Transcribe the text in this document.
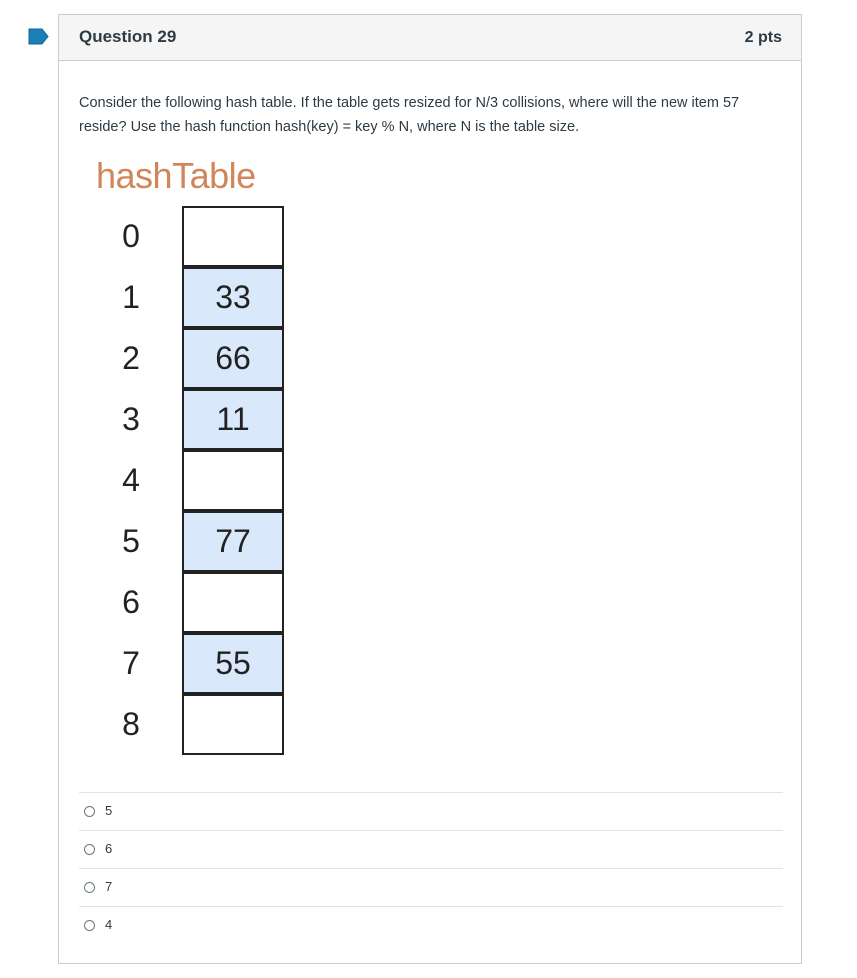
Question 29	2 pts
Consider the following hash table. If the table gets resized for N/3 collisions, where will the new item 57 reside? Use the hash function hash(key) = key % N, where N is the table size.
hashTable
0
1	33
2	66
3	11
4
5	77
6
7	55
8
5
6
7
4
